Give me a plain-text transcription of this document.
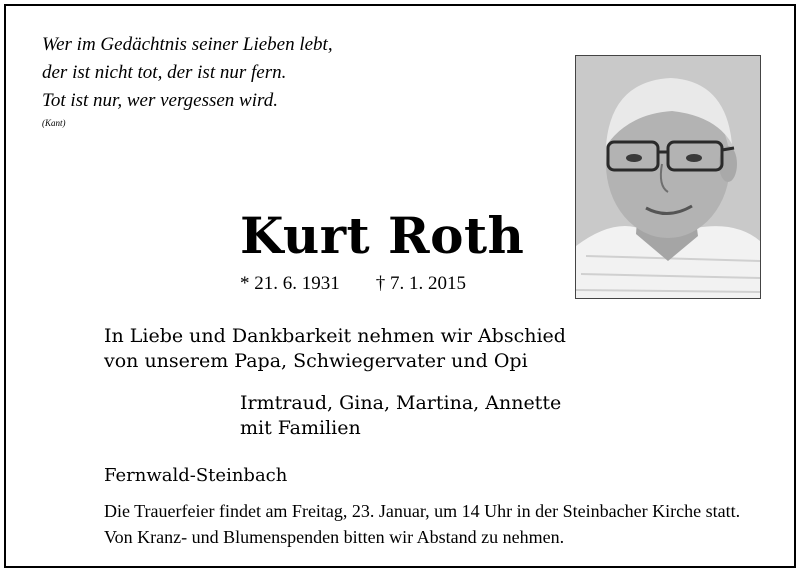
Wer im Gedächtnis seiner Lieben lebt,
der ist nicht tot, der ist nur fern.
Tot ist nur, wer vergessen wird.
(Kant)
Kurt Roth
* 21. 6. 1931 † 7. 1. 2015
In Liebe und Dankbarkeit nehmen wir Abschied
von unserem Papa, Schwiegervater und Opi
Irmtraud, Gina, Martina, Annette
mit Familien
Fernwald-Steinbach
Die Trauerfeier findet am Freitag, 23. Januar, um 14 Uhr in der Steinbacher Kirche statt.
Von Kranz- und Blumenspenden bitten wir Abstand zu nehmen.
